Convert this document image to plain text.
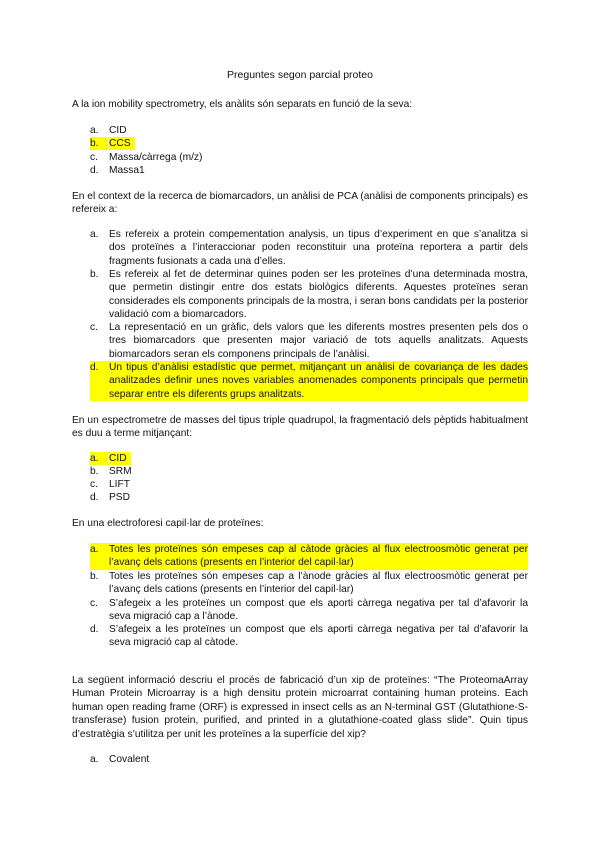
Preguntes segon parcial proteo
A la ion mobility spectrometry, els anàlits són separats en funció de la seva:
a.	CID
b.	CCS
c.	Massa/càrrega (m/z)
d.	Massa1
En el context de la recerca de biomarcadors, un anàlisi de PCA (anàlisi de components principals) es refereix a:
a.	Es refereix a protein compementation analysis, un tipus d’experiment en que s’analitza si dos proteïnes a l’interaccionar poden reconstituir una proteïna reportera a partir dels fragments fusionats a cada una d’elles.
b.	Es refereix al fet de determinar quines poden ser les proteïnes d’una determinada mostra, que permetin distingir entre dos estats biològics diferents. Aquestes proteïnes seran considerades els components principals de la mostra, i seran bons candidats per la posterior validació com a biomarcadors.
c.	La representació en un gràfic, dels valors que les diferents mostres presenten pels dos o tres biomarcadors que presenten major variació de tots aquells analitzats. Aquests biomarcadors seran els componens principals de l’anàlisi.
d.	Un tipus d’anàlisi estadístic que permet, mitjançant un anàlisi de covariança de les dades analitzades definir unes noves variables anomenades components principals que permetin separar entre els diferents grups analitzats.
En un espectrometre de masses del tipus triple quadrupol, la fragmentació dels pèptids habitualment es duu a terme mitjançant:
a.	CID
b.	SRM
c.	LIFT
d.	PSD
En una electroforesi capil·lar de proteïnes:
a.	Totes les proteïnes són empeses cap al càtode gràcies al flux electroosmòtic generat per l’avanç dels cations (presents en l’interior del capil·lar)
b.	Totes les proteïnes són empeses cap a l’ànode gràcies al flux electroosmòtic generat per l’avanç dels cations (presents en l’interior del capil·lar)
c.	S’afegeix a les proteïnes un compost que els aporti càrrega negativa per tal d’afavorir la seva migració cap a l’ànode.
d.	S’afegeix a les proteïnes un compost que els aporti càrrega negativa per tal d’afavorir la seva migració cap al càtode.
La següent informació descriu el procés de fabricació d’un xip de proteïnes: “The ProteomaArray Human Protein Microarray is a high densitu protein microarrat containing human proteins. Each human open reading frame (ORF) is expressed in insect cells as an N-terminal GST (Glutathione-S-transferase) fusion protein, purified, and printed in a glutathione-coated glass slide”. Quin tipus d’estratègia s’utilitza per unit les proteïnes a la superfície del xip?
a.	Covalent
